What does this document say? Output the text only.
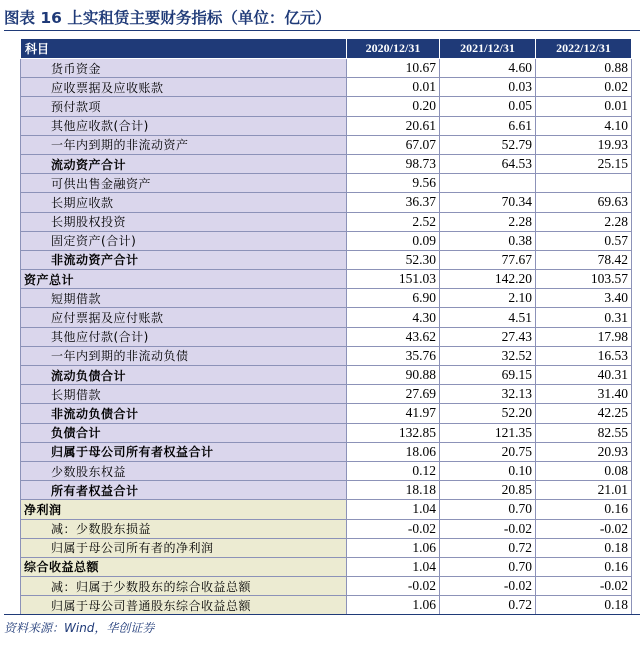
图表 16 上实租赁主要财务指标（单位：亿元）
科目	2020/12/31	2021/12/31	2022/12/31
货币资金	10.67	4.60	0.88
应收票据及应收账款	0.01	0.03	0.02
预付款项	0.20	0.05	0.01
其他应收款(合计)	20.61	6.61	4.10
一年内到期的非流动资产	67.07	52.79	19.93
流动资产合计	98.73	64.53	25.15
可供出售金融资产	9.56		
长期应收款	36.37	70.34	69.63
长期股权投资	2.52	2.28	2.28
固定资产(合计)	0.09	0.38	0.57
非流动资产合计	52.30	77.67	78.42
资产总计	151.03	142.20	103.57
短期借款	6.90	2.10	3.40
应付票据及应付账款	4.30	4.51	0.31
其他应付款(合计)	43.62	27.43	17.98
一年内到期的非流动负债	35.76	32.52	16.53
流动负债合计	90.88	69.15	40.31
长期借款	27.69	32.13	31.40
非流动负债合计	41.97	52.20	42.25
负债合计	132.85	121.35	82.55
归属于母公司所有者权益合计	18.06	20.75	20.93
少数股东权益	0.12	0.10	0.08
所有者权益合计	18.18	20.85	21.01
净利润	1.04	0.70	0.16
减：少数股东损益	-0.02	-0.02	-0.02
归属于母公司所有者的净利润	1.06	0.72	0.18
综合收益总额	1.04	0.70	0.16
减：归属于少数股东的综合收益总额	-0.02	-0.02	-0.02
归属于母公司普通股东综合收益总额	1.06	0.72	0.18
资料来源：Wind，华创证券
